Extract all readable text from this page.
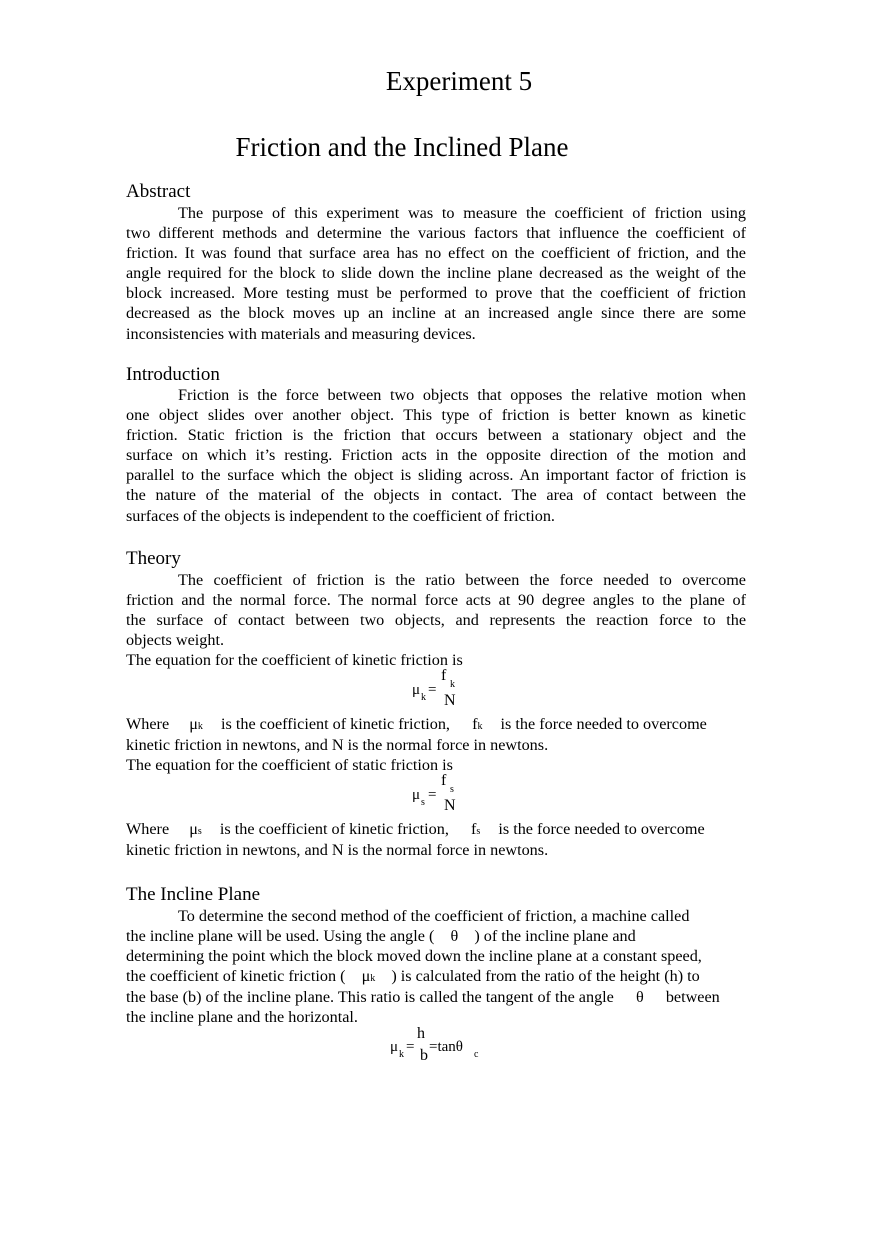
Experiment 5
Friction and the Inclined Plane
Abstract
The purpose of this experiment was to measure the coefficient of friction using
two different methods and determine the various factors that influence the coefficient of
friction. It was found that surface area has no effect on the coefficient of friction, and the
angle required for the block to slide down the incline plane decreased as the weight of the
block increased. More testing must be performed to prove that the coefficient of friction
decreased as the block moves up an incline at an increased angle since there are some
inconsistencies with materials and measuring devices.
Introduction
Friction is the force between two objects that opposes the relative motion when
one object slides over another object. This type of friction is better known as kinetic
friction. Static friction is the friction that occurs between a stationary object and the
surface on which it’s resting. Friction acts in the opposite direction of the motion and
parallel to the surface which the object is sliding across. An important factor of friction is
the nature of the material of the objects in contact. The area of contact between the
surfaces of the objects is independent to the coefficient of friction.
Theory
The coefficient of friction is the ratio between the force needed to overcome
friction and the normal force. The normal force acts at 90 degree angles to the plane of
the surface of contact between two objects, and represents the reaction force to the
objects weight.
The equation for the coefficient of kinetic friction is
f
k
μ k =
N
Where μk is the coefficient of kinetic friction, fk is the force needed to overcome
kinetic friction in newtons, and N is the normal force in newtons.
The equation for the coefficient of static friction is
f
s
μ s =
N
Where μs is the coefficient of kinetic friction, fs is the force needed to overcome
kinetic friction in newtons, and N is the normal force in newtons.
The Incline Plane
To determine the second method of the coefficient of friction, a machine called
the incline plane will be used. Using the angle ( θ ) of the incline plane and
determining the point which the block moved down the incline plane at a constant speed,
the coefficient of kinetic friction ( μk ) is calculated from the ratio of the height (h) to
the base (b) of the incline plane. This ratio is called the tangent of the angle θ between
the incline plane and the horizontal.
h
μ k = b =tanθ c
